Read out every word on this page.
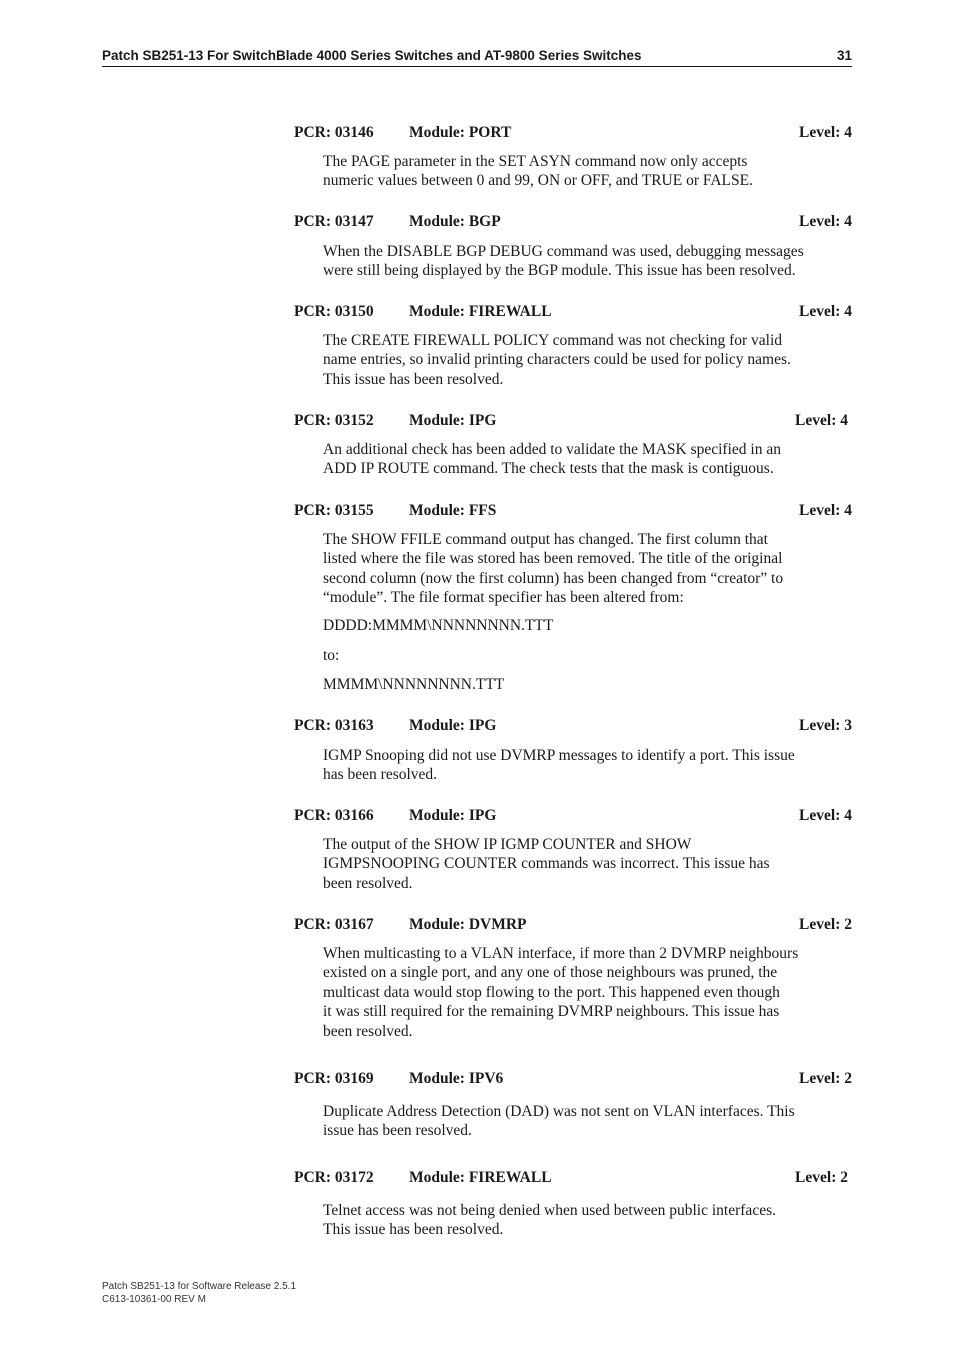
Patch SB251-13 For SwitchBlade 4000 Series Switches and AT-9800 Series Switches	31
PCR: 03146 Module: PORT	Level: 4
The PAGE parameter in the SET ASYN command now only accepts
numeric values between 0 and 99, ON or OFF, and TRUE or FALSE.
PCR: 03147 Module: BGP	Level: 4
When the DISABLE BGP DEBUG command was used, debugging messages
were still being displayed by the BGP module. This issue has been resolved.
PCR: 03150 Module: FIREWALL	Level: 4
The CREATE FIREWALL POLICY command was not checking for valid
name entries, so invalid printing characters could be used for policy names.
This issue has been resolved.
PCR: 03152 Module: IPG	Level: 4
An additional check has been added to validate the MASK specified in an
ADD IP ROUTE command. The check tests that the mask is contiguous.
PCR: 03155 Module: FFS	Level: 4
The SHOW FFILE command output has changed. The first column that
listed where the file was stored has been removed. The title of the original
second column (now the first column) has been changed from “creator” to
“module”. The file format specifier has been altered from:
DDDD:MMMM\NNNNNNNN.TTT
to:
MMMM\NNNNNNNN.TTT
PCR: 03163 Module: IPG	Level: 3
IGMP Snooping did not use DVMRP messages to identify a port. This issue
has been resolved.
PCR: 03166 Module: IPG	Level: 4
The output of the SHOW IP IGMP COUNTER and SHOW
IGMPSNOOPING COUNTER commands was incorrect. This issue has
been resolved.
PCR: 03167 Module: DVMRP	Level: 2
When multicasting to a VLAN interface, if more than 2 DVMRP neighbours
existed on a single port, and any one of those neighbours was pruned, the
multicast data would stop flowing to the port. This happened even though
it was still required for the remaining DVMRP neighbours. This issue has
been resolved.
PCR: 03169 Module: IPV6	Level: 2
Duplicate Address Detection (DAD) was not sent on VLAN interfaces. This
issue has been resolved.
PCR: 03172 Module: FIREWALL	Level: 2
Telnet access was not being denied when used between public interfaces.
This issue has been resolved.
Patch SB251-13 for Software Release 2.5.1
C613-10361-00 REV M
